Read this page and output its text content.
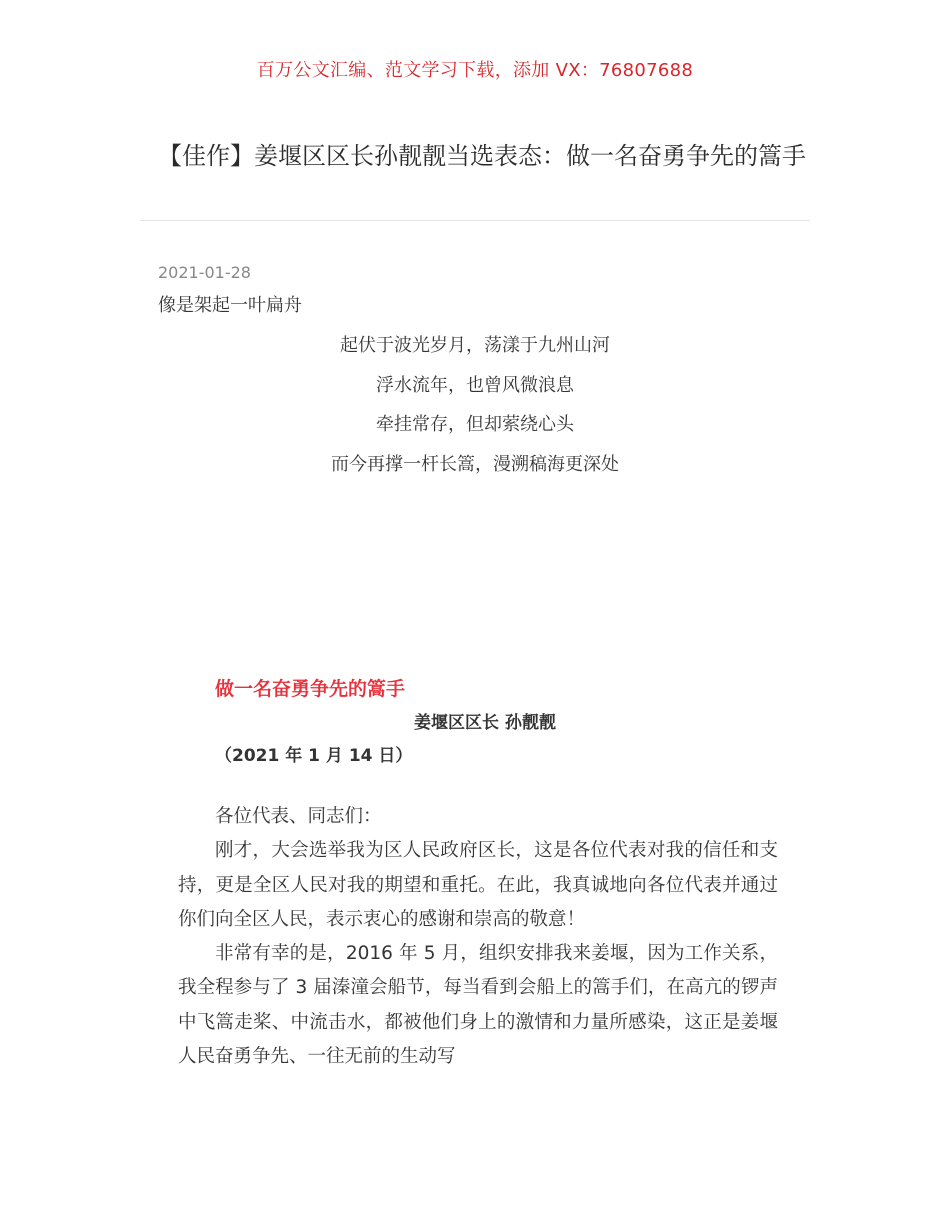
百万公文汇编、范文学习下载，添加 VX：76807688
【佳作】姜堰区区长孙靓靓当选表态：做一名奋勇争先的篙手
2021-01-28
像是架起一叶扁舟
起伏于波光岁月，荡漾于九州山河
浮水流年，也曾风微浪息
牵挂常存，但却萦绕心头
而今再撑一杆长篙，漫溯稿海更深处
做一名奋勇争先的篙手
姜堰区区长 孙靓靓
（2021 年 1 月 14 日）

各位代表、同志们：

刚才，大会选举我为区人民政府区长，这是各位代表对我的信任和支持，更是全区人民对我的期望和重托。在此，我真诚地向各位代表并通过你们向全区人民，表示衷心的感谢和崇高的敬意！

非常有幸的是，2016 年 5 月，组织安排我来姜堰，因为工作关系，我全程参与了 3 届溱潼会船节，每当看到会船上的篙手们，在高亢的锣声中飞篙走桨、中流击水，都被他们身上的激情和力量所感染，这正是姜堰人民奋勇争先、一往无前的生动写
